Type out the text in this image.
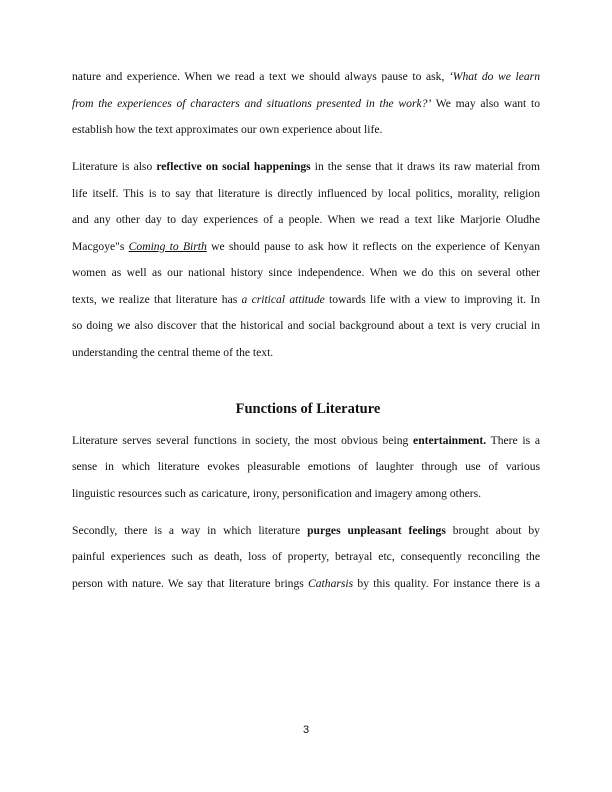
nature and experience. When we read a text we should always pause to ask, ‘What do we learn
from the experiences of characters and situations presented in the work?’ We may also want to
establish how the text approximates our own experience about life.
Literature is also reflective on social happenings in the sense that it draws its raw material from
life itself. This is to say that literature is directly influenced by local politics, morality, religion
and any other day to day experiences of a people. When we read a text like Marjorie Oludhe
Macgoye"s Coming to Birth we should pause to ask how it reflects on the experience of Kenyan
women as well as our national history since independence. When we do this on several other
texts, we realize that literature has a critical attitude towards life with a view to improving it. In
so doing we also discover that the historical and social background about a text is very crucial in
understanding the central theme of the text.
Literature serves several functions in society, the most obvious being entertainment. There is a
sense in which literature evokes pleasurable emotions of laughter through use of various
linguistic resources such as caricature, irony, personification and imagery among others.
Secondly, there is a way in which literature purges unpleasant feelings brought about by
painful experiences such as death, loss of property, betrayal etc, consequently reconciling the
person with nature. We say that literature brings Catharsis by this quality. For instance there is a
Functions of Literature
3
